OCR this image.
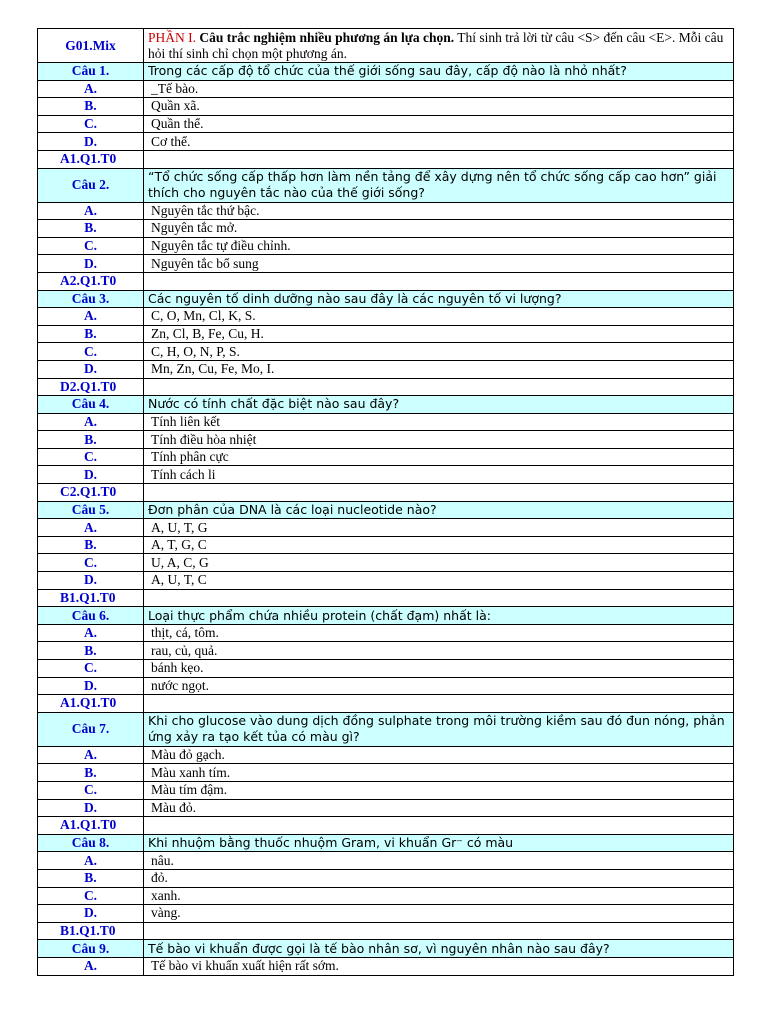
G01.Mix	PHẦN I. Câu trắc nghiệm nhiều phương án lựa chọn. Thí sinh trả lời từ câu <S> đến câu <E>. Mỗi câu hỏi thí sinh chỉ chọn một phương án.
Câu 1.	Trong các cấp độ tổ chức của thế giới sống sau đây, cấp độ nào là nhỏ nhất?
A.	_Tế bào.
B.	Quần xã.
C.	Quần thể.
D.	Cơ thể.
A1.Q1.T0	
Câu 2.	“Tổ chức sống cấp thấp hơn làm nền tảng để xây dựng nên tổ chức sống cấp cao hơn” giải thích cho nguyên tắc nào của thế giới sống?
A.	Nguyên tắc thứ bậc.
B.	Nguyên tắc mở.
C.	Nguyên tắc tự điều chỉnh.
D.	Nguyên tắc bổ sung
A2.Q1.T0	
Câu 3.	Các nguyên tố dinh dưỡng nào sau đây là các nguyên tố vi lượng?
A.	C, O, Mn, Cl, K, S.
B.	Zn, Cl, B, Fe, Cu, H.
C.	C, H, O, N, P, S.
D.	Mn, Zn, Cu, Fe, Mo, I.
D2.Q1.T0	
Câu 4.	Nước có tính chất đặc biệt nào sau đây?
A.	Tính liên kết
B.	Tính điều hòa nhiệt
C.	Tính phân cực
D.	Tính cách li
C2.Q1.T0	
Câu 5.	Đơn phân của DNA là các loại nucleotide nào?
A.	A, U, T, G
B.	A, T, G, C
C.	U, A, C, G
D.	A, U, T, C
B1.Q1.T0	
Câu 6.	Loại thực phẩm chứa nhiều protein (chất đạm) nhất là:
A.	thịt, cá, tôm.
B.	rau, củ, quả.
C.	bánh kẹo.
D.	nước ngọt.
A1.Q1.T0	
Câu 7.	Khi cho glucose vào dung dịch đồng sulphate trong môi trường kiềm sau đó đun nóng, phản ứng xảy ra tạo kết tủa có màu gì?
A.	Màu đỏ gạch.
B.	Màu xanh tím.
C.	Màu tím đậm.
D.	Màu đỏ.
A1.Q1.T0	
Câu 8.	Khi nhuộm bằng thuốc nhuộm Gram, vi khuẩn Gr⁻ có màu
A.	nâu.
B.	đỏ.
C.	xanh.
D.	vàng.
B1.Q1.T0	
Câu 9.	Tế bào vi khuẩn được gọi là tế bào nhân sơ, vì nguyên nhân nào sau đây?
A.	Tế bào vi khuẩn xuất hiện rất sớm.
